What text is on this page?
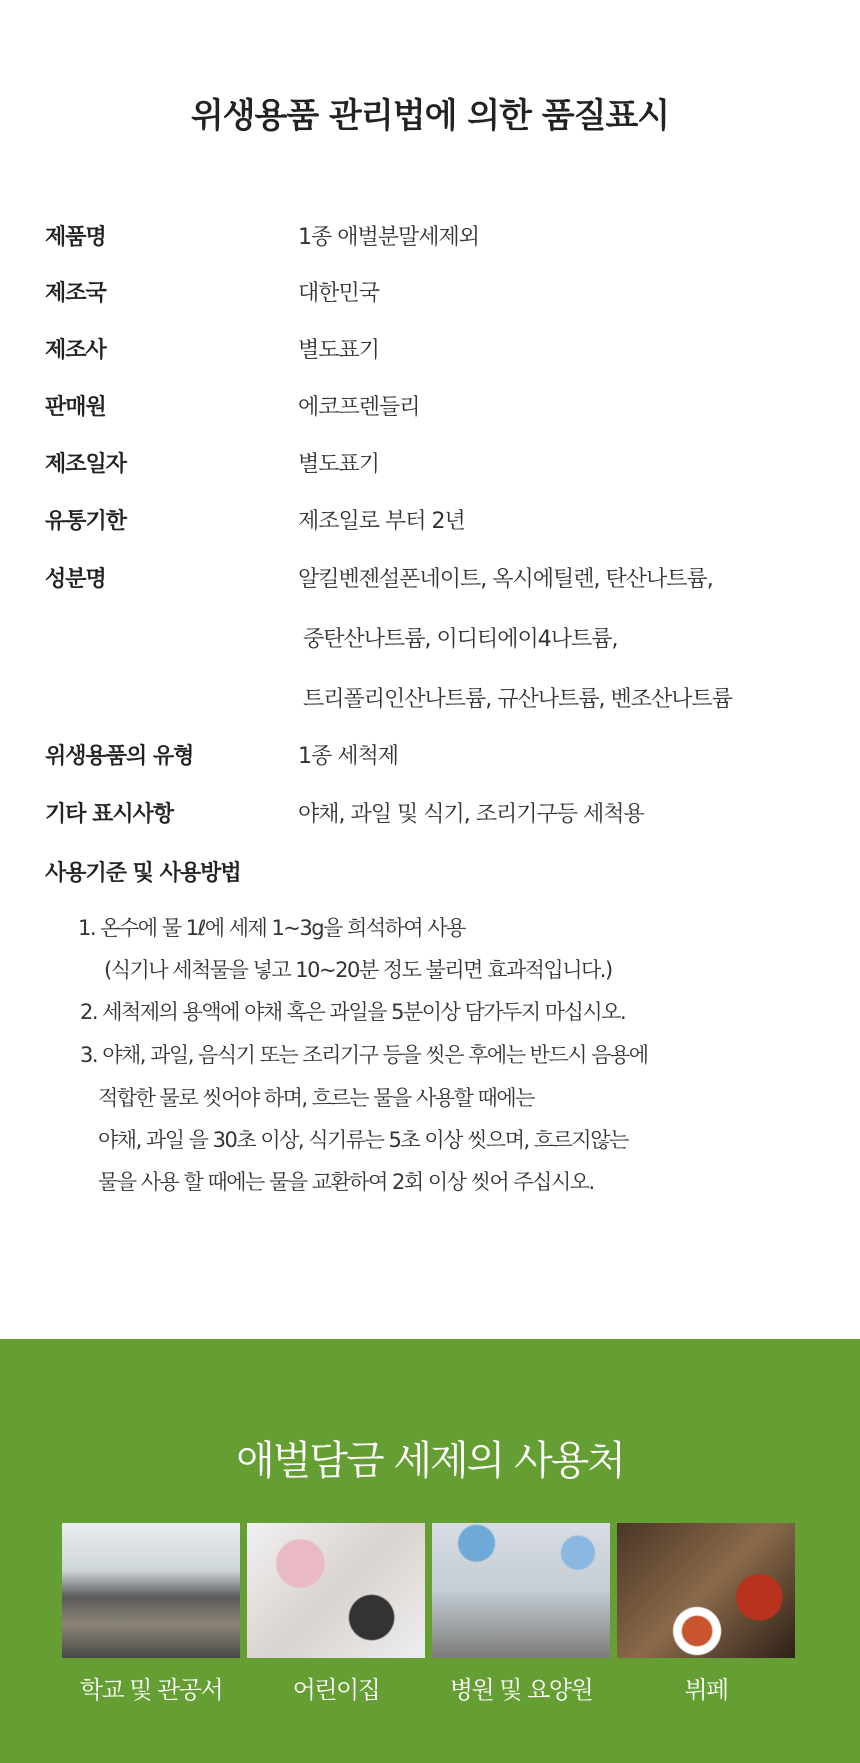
위생용품 관리법에 의한 품질표시
제품명	1종 애벌분말세제외
제조국	대한민국
제조사	별도표기
판매원	에코프렌들리
제조일자	별도표기
유통기한	제조일로 부터 2년
성분명	알킬벤젠설폰네이트, 옥시에틸렌, 탄산나트륨,
중탄산나트륨, 이디티에이4나트륨,
트리폴리인산나트륨, 규산나트륨, 벤조산나트륨
위생용품의 유형	1종 세척제
기타 표시사항	야채, 과일 및 식기, 조리기구등 세척용
사용기준 및 사용방법
1. 온수에 물 1ℓ에 세제 1~3g을 희석하여 사용
(식기나 세척물을 넣고 10~20분 정도 불리면 효과적입니다.)
2. 세척제의 용액에 야채 혹은 과일을 5분이상 담가두지 마십시오.
3. 야채, 과일, 음식기 또는 조리기구 등을 씻은 후에는 반드시 음용에
적합한 물로 씻어야 하며, 흐르는 물을 사용할 때에는
야채, 과일 을 30초 이상, 식기류는 5초 이상 씻으며, 흐르지않는
물을 사용 할 때에는 물을 교환하여 2회 이상 씻어 주십시오.
애벌담금 세제의 사용처
학교 및 관공서	어린이집	병원 및 요양원	뷔페
